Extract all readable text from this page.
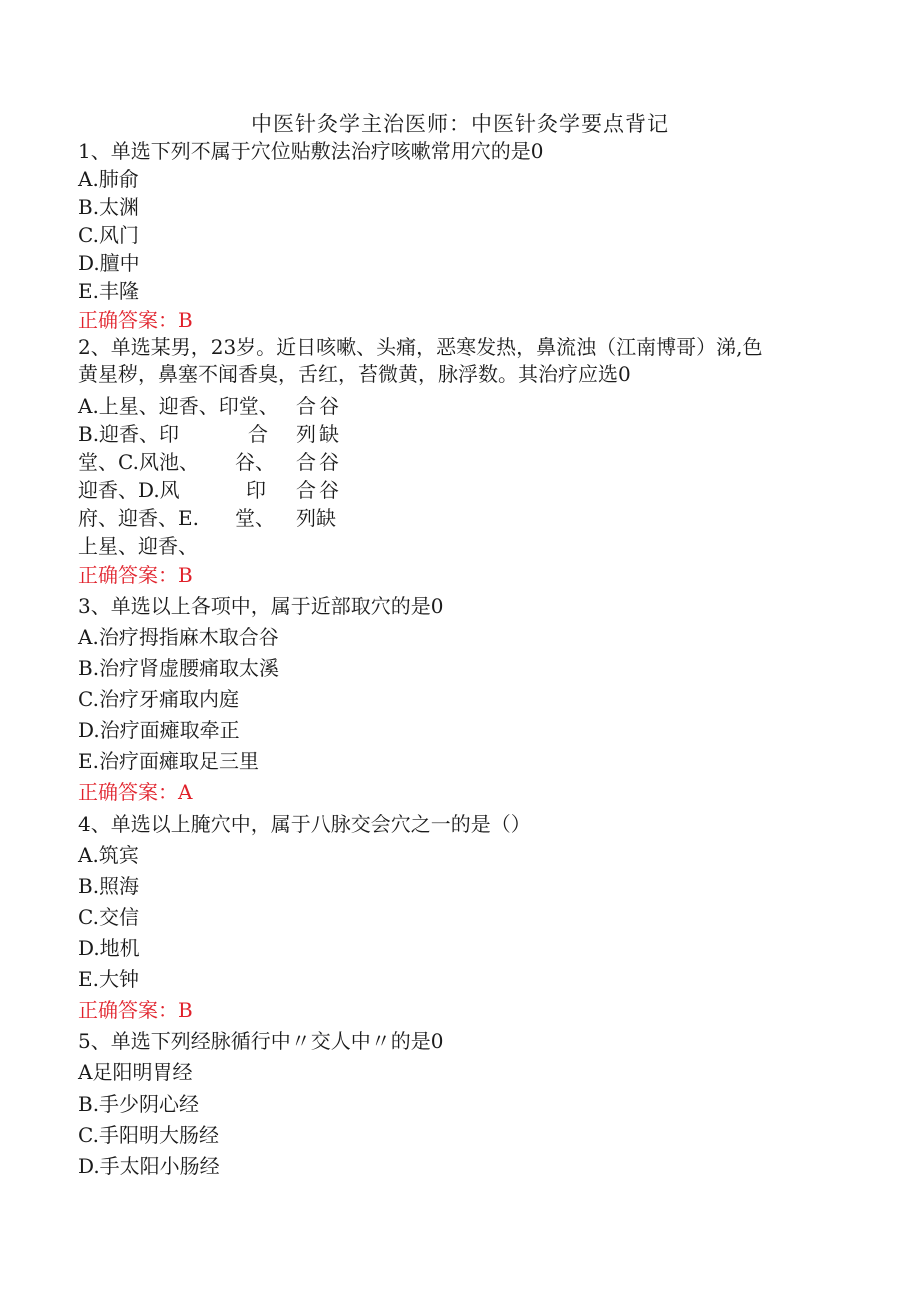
中医针灸学主治医师：中医针灸学要点背记
1、单选下列不属于穴位贴敷法治疗咳嗽常用穴的是0
A.肺俞
B.太渊
C.风门
D.膻中
E.丰隆
正确答案：B
2、单选某男，23岁。近日咳嗽、头痛，恶寒发热，鼻流浊（江南博哥）涕,色
黄星秽，鼻塞不闻香臭，舌红，苔微黄，脉浮数。其治疗应选0
A.上星、迎香、印堂、
B.迎香、印
堂、C.风池、
迎香、D.风
府、迎香、E.
上星、迎香、
合
谷、
印
堂、
合谷
列缺
合谷
合谷
列缺
正确答案：B
3、单选以上各项中，属于近部取穴的是0
A.治疗拇指麻木取合谷
B.治疗肾虚腰痛取太溪
C.治疗牙痛取内庭
D.治疗面瘫取牵正
E.治疗面瘫取足三里
正确答案：A
4、单选以上腌穴中，属于八脉交会穴之一的是（）
A.筑宾
B.照海
C.交信
D.地机
E.大钟
正确答案：B
5、单选下列经脉循行中〃交人中〃的是0
A足阳明胃经
B.手少阴心经
C.手阳明大肠经
D.手太阳小肠经
